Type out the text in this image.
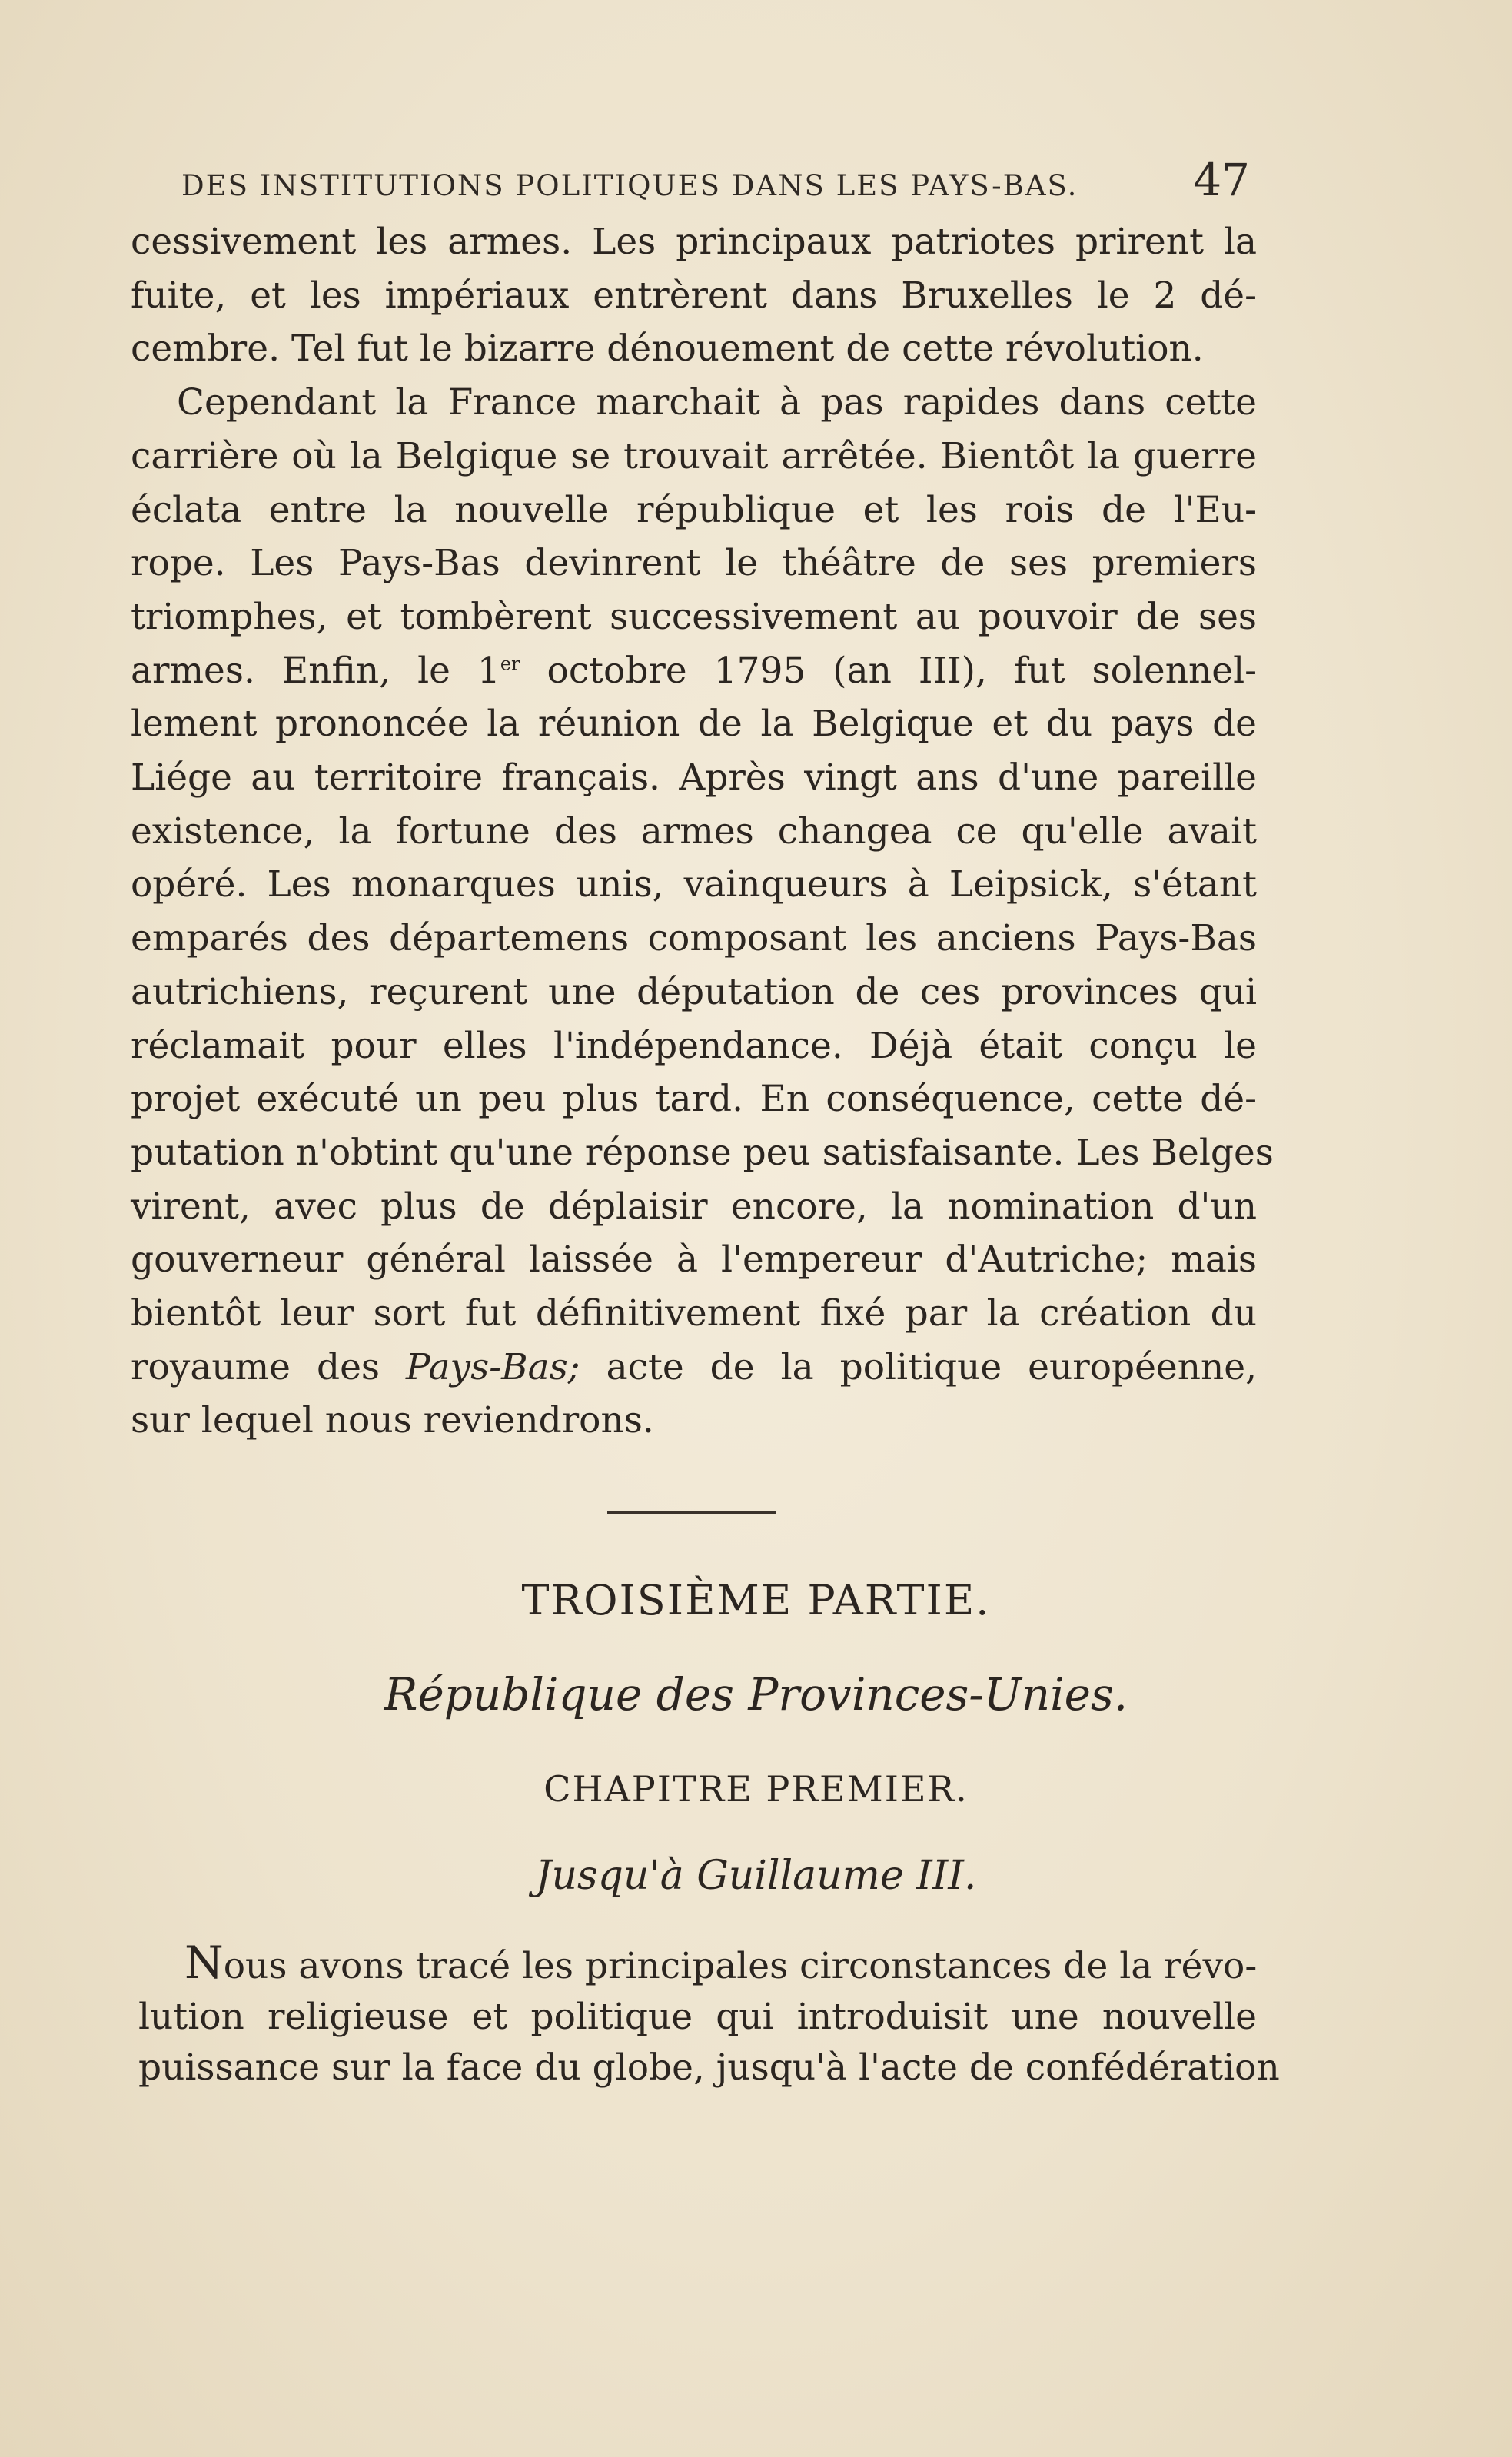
DES INSTITUTIONS POLITIQUES DANS LES PAYS-BAS.	47
cessivement les armes. Les principaux patriotes prirent la
fuite, et les impériaux entrèrent dans Bruxelles le 2 dé-
cembre. Tel fut le bizarre dénouement de cette révolution.
Cependant la France marchait à pas rapides dans cette
carrière où la Belgique se trouvait arrêtée. Bientôt la guerre
éclata entre la nouvelle république et les rois de l'Eu-
rope. Les Pays-Bas devinrent le théâtre de ses premiers
triomphes, et tombèrent successivement au pouvoir de ses
armes. Enfin, le 1er octobre 1795 (an III), fut solennel-
lement prononcée la réunion de la Belgique et du pays de
Liége au territoire français. Après vingt ans d'une pareille
existence, la fortune des armes changea ce qu'elle avait
opéré. Les monarques unis, vainqueurs à Leipsick, s'étant
emparés des départemens composant les anciens Pays-Bas
autrichiens, reçurent une députation de ces provinces qui
réclamait pour elles l'indépendance. Déjà était conçu le
projet exécuté un peu plus tard. En conséquence, cette dé-
putation n'obtint qu'une réponse peu satisfaisante. Les Belges
virent, avec plus de déplaisir encore, la nomination d'un
gouverneur général laissée à l'empereur d'Autriche; mais
bientôt leur sort fut définitivement fixé par la création du
royaume des Pays-Bas; acte de la politique européenne,
sur lequel nous reviendrons.
TROISIÈME PARTIE.
République des Provinces-Unies.
CHAPITRE PREMIER.
Jusqu'à Guillaume III.
Nous avons tracé les principales circonstances de la révo-
lution religieuse et politique qui introduisit une nouvelle
puissance sur la face du globe, jusqu'à l'acte de confédération
